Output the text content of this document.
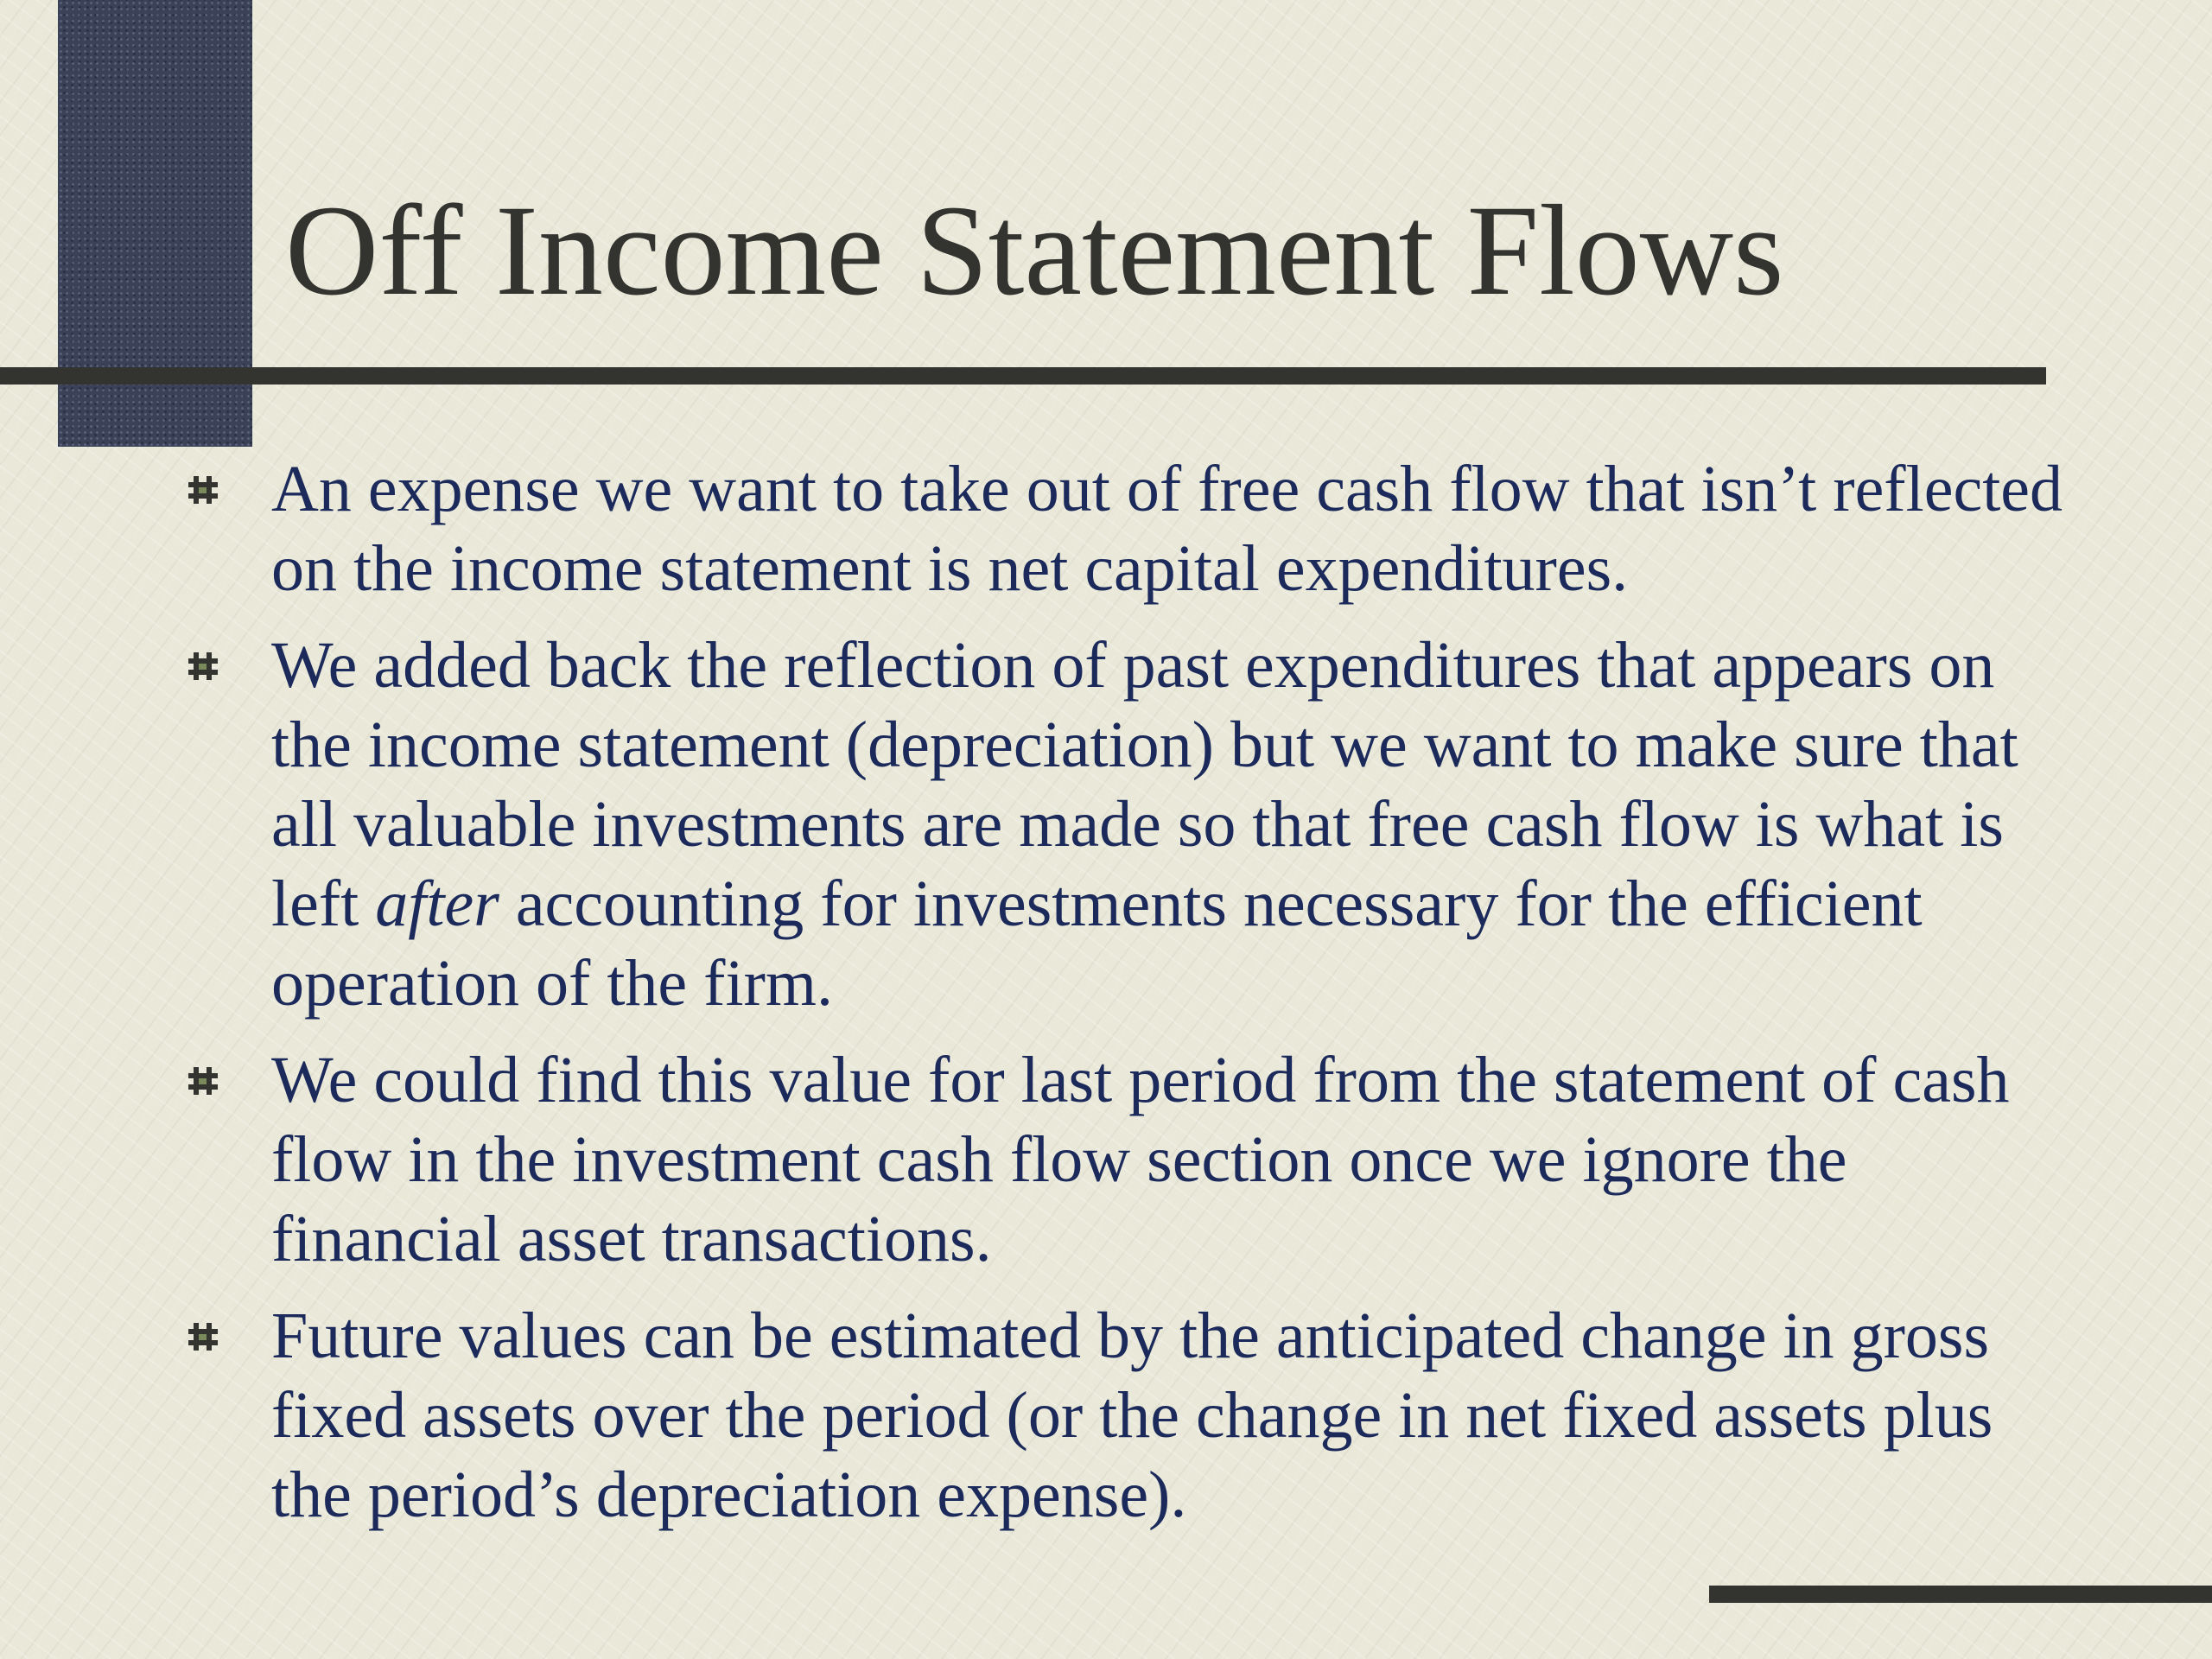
Off Income Statement Flows
An expense we want to take out of free cash flow that isn’t reflected on the income statement is net capital expenditures.
We added back the reflection of past expenditures that appears on the income statement (depreciation) but we want to make sure that all valuable investments are made so that free cash flow is what is left after accounting for investments necessary for the efficient operation of the firm.
We could find this value for last period from the statement of cash flow in the investment cash flow section once we ignore the financial asset transactions.
Future values can be estimated by the anticipated change in gross fixed assets over the period (or the change in net fixed assets plus the period’s depreciation expense).
